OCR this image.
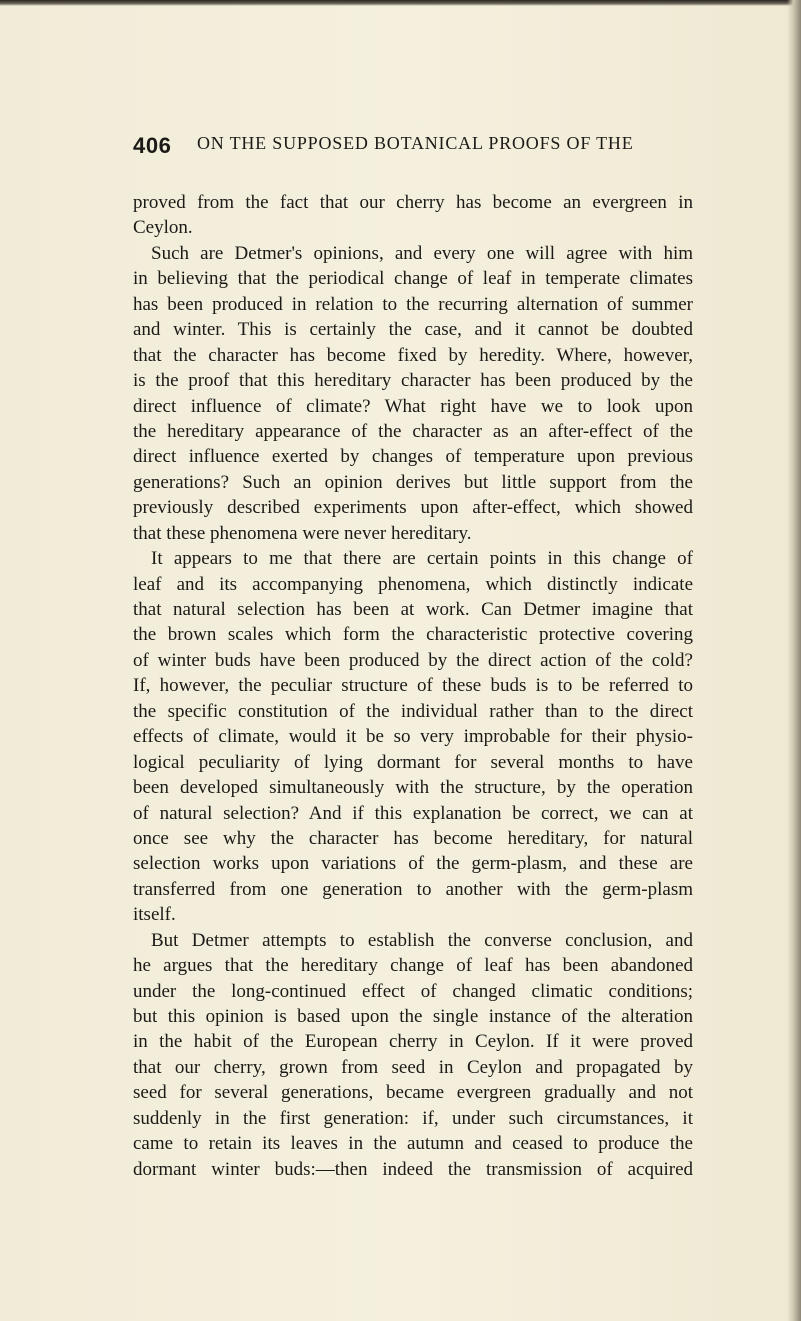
406 ON THE SUPPOSED BOTANICAL PROOFS OF THE
proved from the fact that our cherry has become an evergreen in
Ceylon.
Such are Detmer's opinions, and every one will agree with him
in believing that the periodical change of leaf in temperate climates
has been produced in relation to the recurring alternation of summer
and winter. This is certainly the case, and it cannot be doubted
that the character has become fixed by heredity. Where, however,
is the proof that this hereditary character has been produced by the
direct influence of climate? What right have we to look upon
the hereditary appearance of the character as an after-effect of the
direct influence exerted by changes of temperature upon previous
generations? Such an opinion derives but little support from the
previously described experiments upon after-effect, which showed
that these phenomena were never hereditary.
It appears to me that there are certain points in this change of
leaf and its accompanying phenomena, which distinctly indicate
that natural selection has been at work. Can Detmer imagine that
the brown scales which form the characteristic protective covering
of winter buds have been produced by the direct action of the cold?
If, however, the peculiar structure of these buds is to be referred to
the specific constitution of the individual rather than to the direct
effects of climate, would it be so very improbable for their physio-
logical peculiarity of lying dormant for several months to have
been developed simultaneously with the structure, by the operation
of natural selection? And if this explanation be correct, we can at
once see why the character has become hereditary, for natural
selection works upon variations of the germ-plasm, and these are
transferred from one generation to another with the germ-plasm
itself.
But Detmer attempts to establish the converse conclusion, and
he argues that the hereditary change of leaf has been abandoned
under the long-continued effect of changed climatic conditions;
but this opinion is based upon the single instance of the alteration
in the habit of the European cherry in Ceylon. If it were proved
that our cherry, grown from seed in Ceylon and propagated by
seed for several generations, became evergreen gradually and not
suddenly in the first generation: if, under such circumstances, it
came to retain its leaves in the autumn and ceased to produce the
dormant winter buds:—then indeed the transmission of acquired
